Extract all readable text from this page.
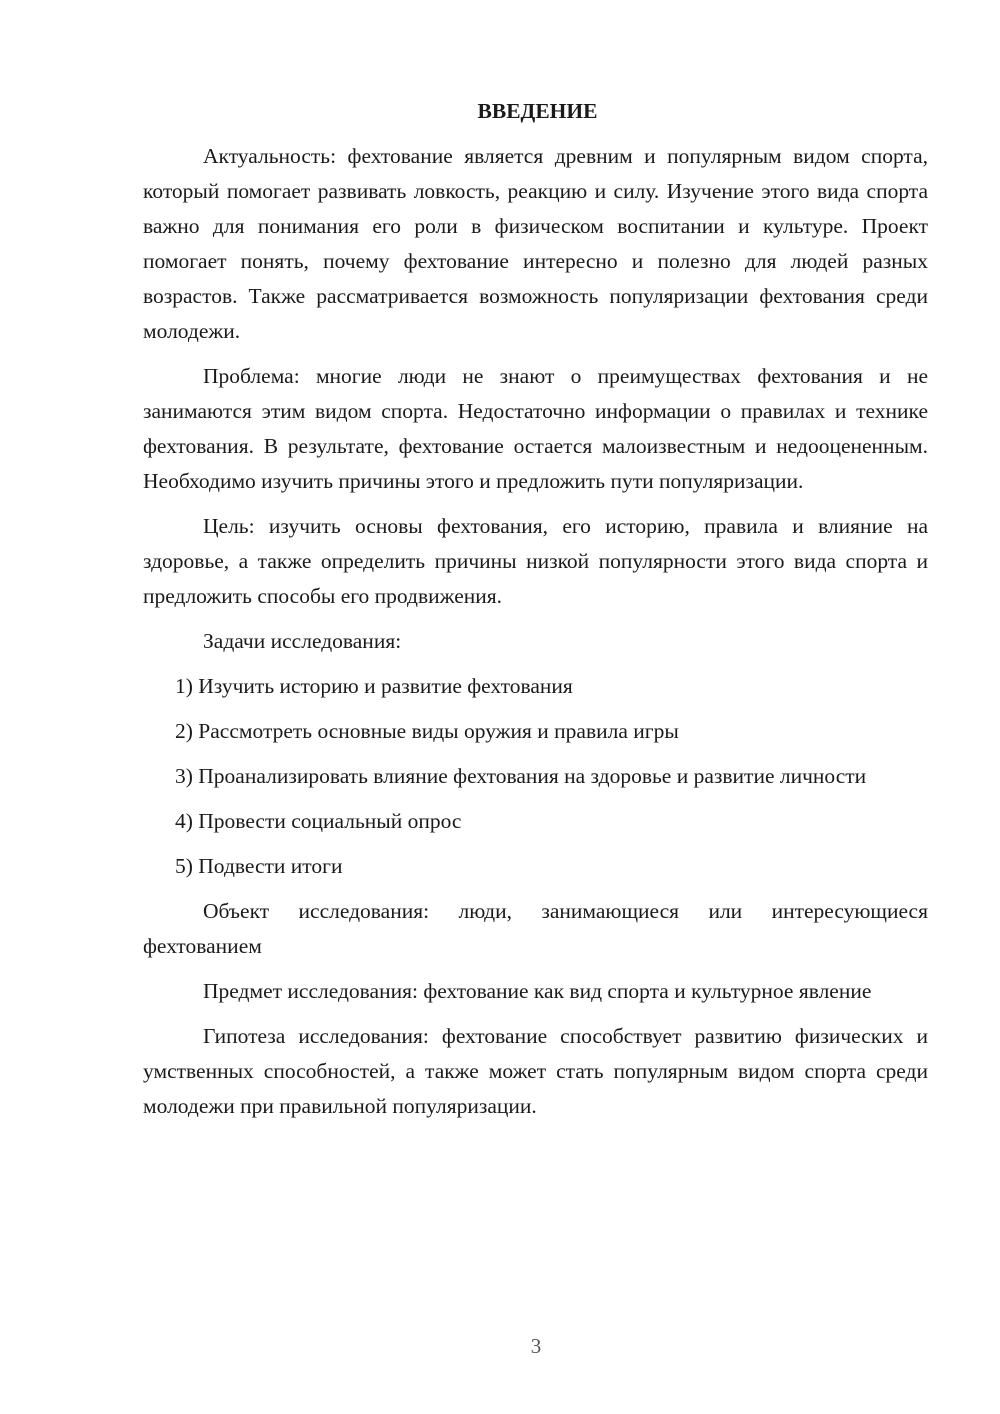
ВВЕДЕНИЕ

Актуальность: фехтование является древним и популярным видом спорта, который помогает развивать ловкость, реакцию и силу. Изучение этого вида спорта важно для понимания его роли в физическом воспитании и культуре. Проект помогает понять, почему фехтование интересно и полезно для людей разных возрастов. Также рассматривается возможность популяризации фехтования среди молодежи.

Проблема: многие люди не знают о преимуществах фехтования и не занимаются этим видом спорта. Недостаточно информации о правилах и технике фехтования. В результате, фехтование остается малоизвестным и недооцененным. Необходимо изучить причины этого и предложить пути популяризации.

Цель: изучить основы фехтования, его историю, правила и влияние на здоровье, а также определить причины низкой популярности этого вида спорта и предложить способы его продвижения.

Задачи исследования:

1) Изучить историю и развитие фехтования

2) Рассмотреть основные виды оружия и правила игры

3) Проанализировать влияние фехтования на здоровье и развитие личности

4) Провести социальный опрос

5) Подвести итоги

Объект исследования: люди, занимающиеся или интересующиеся фехтованием

Предмет исследования: фехтование как вид спорта и культурное явление

Гипотеза исследования: фехтование способствует развитию физических и умственных способностей, а также может стать популярным видом спорта среди молодежи при правильной популяризации.

3
